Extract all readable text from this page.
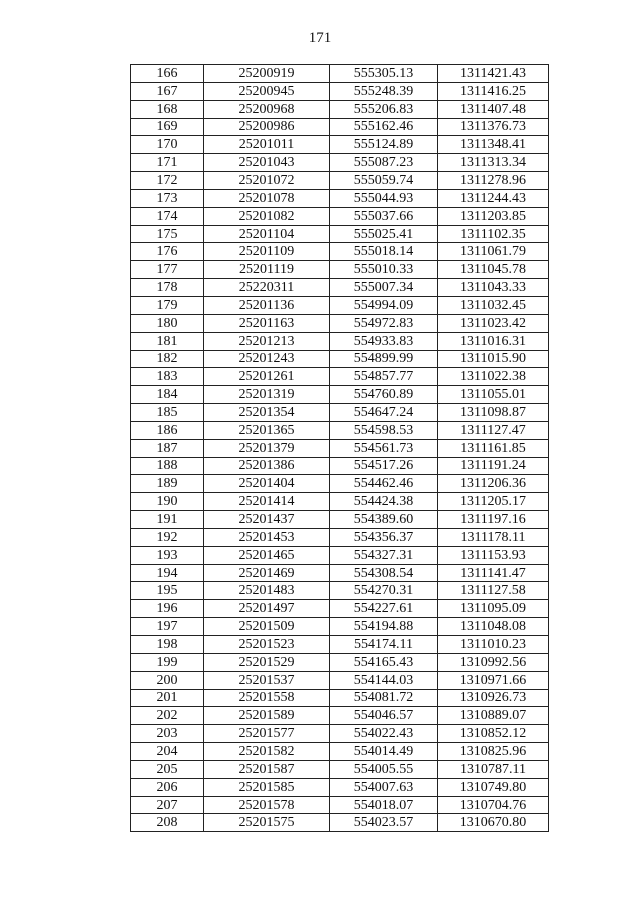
171
166	25200919	555305.13	1311421.43
167	25200945	555248.39	1311416.25
168	25200968	555206.83	1311407.48
169	25200986	555162.46	1311376.73
170	25201011	555124.89	1311348.41
171	25201043	555087.23	1311313.34
172	25201072	555059.74	1311278.96
173	25201078	555044.93	1311244.43
174	25201082	555037.66	1311203.85
175	25201104	555025.41	1311102.35
176	25201109	555018.14	1311061.79
177	25201119	555010.33	1311045.78
178	25220311	555007.34	1311043.33
179	25201136	554994.09	1311032.45
180	25201163	554972.83	1311023.42
181	25201213	554933.83	1311016.31
182	25201243	554899.99	1311015.90
183	25201261	554857.77	1311022.38
184	25201319	554760.89	1311055.01
185	25201354	554647.24	1311098.87
186	25201365	554598.53	1311127.47
187	25201379	554561.73	1311161.85
188	25201386	554517.26	1311191.24
189	25201404	554462.46	1311206.36
190	25201414	554424.38	1311205.17
191	25201437	554389.60	1311197.16
192	25201453	554356.37	1311178.11
193	25201465	554327.31	1311153.93
194	25201469	554308.54	1311141.47
195	25201483	554270.31	1311127.58
196	25201497	554227.61	1311095.09
197	25201509	554194.88	1311048.08
198	25201523	554174.11	1311010.23
199	25201529	554165.43	1310992.56
200	25201537	554144.03	1310971.66
201	25201558	554081.72	1310926.73
202	25201589	554046.57	1310889.07
203	25201577	554022.43	1310852.12
204	25201582	554014.49	1310825.96
205	25201587	554005.55	1310787.11
206	25201585	554007.63	1310749.80
207	25201578	554018.07	1310704.76
208	25201575	554023.57	1310670.80
